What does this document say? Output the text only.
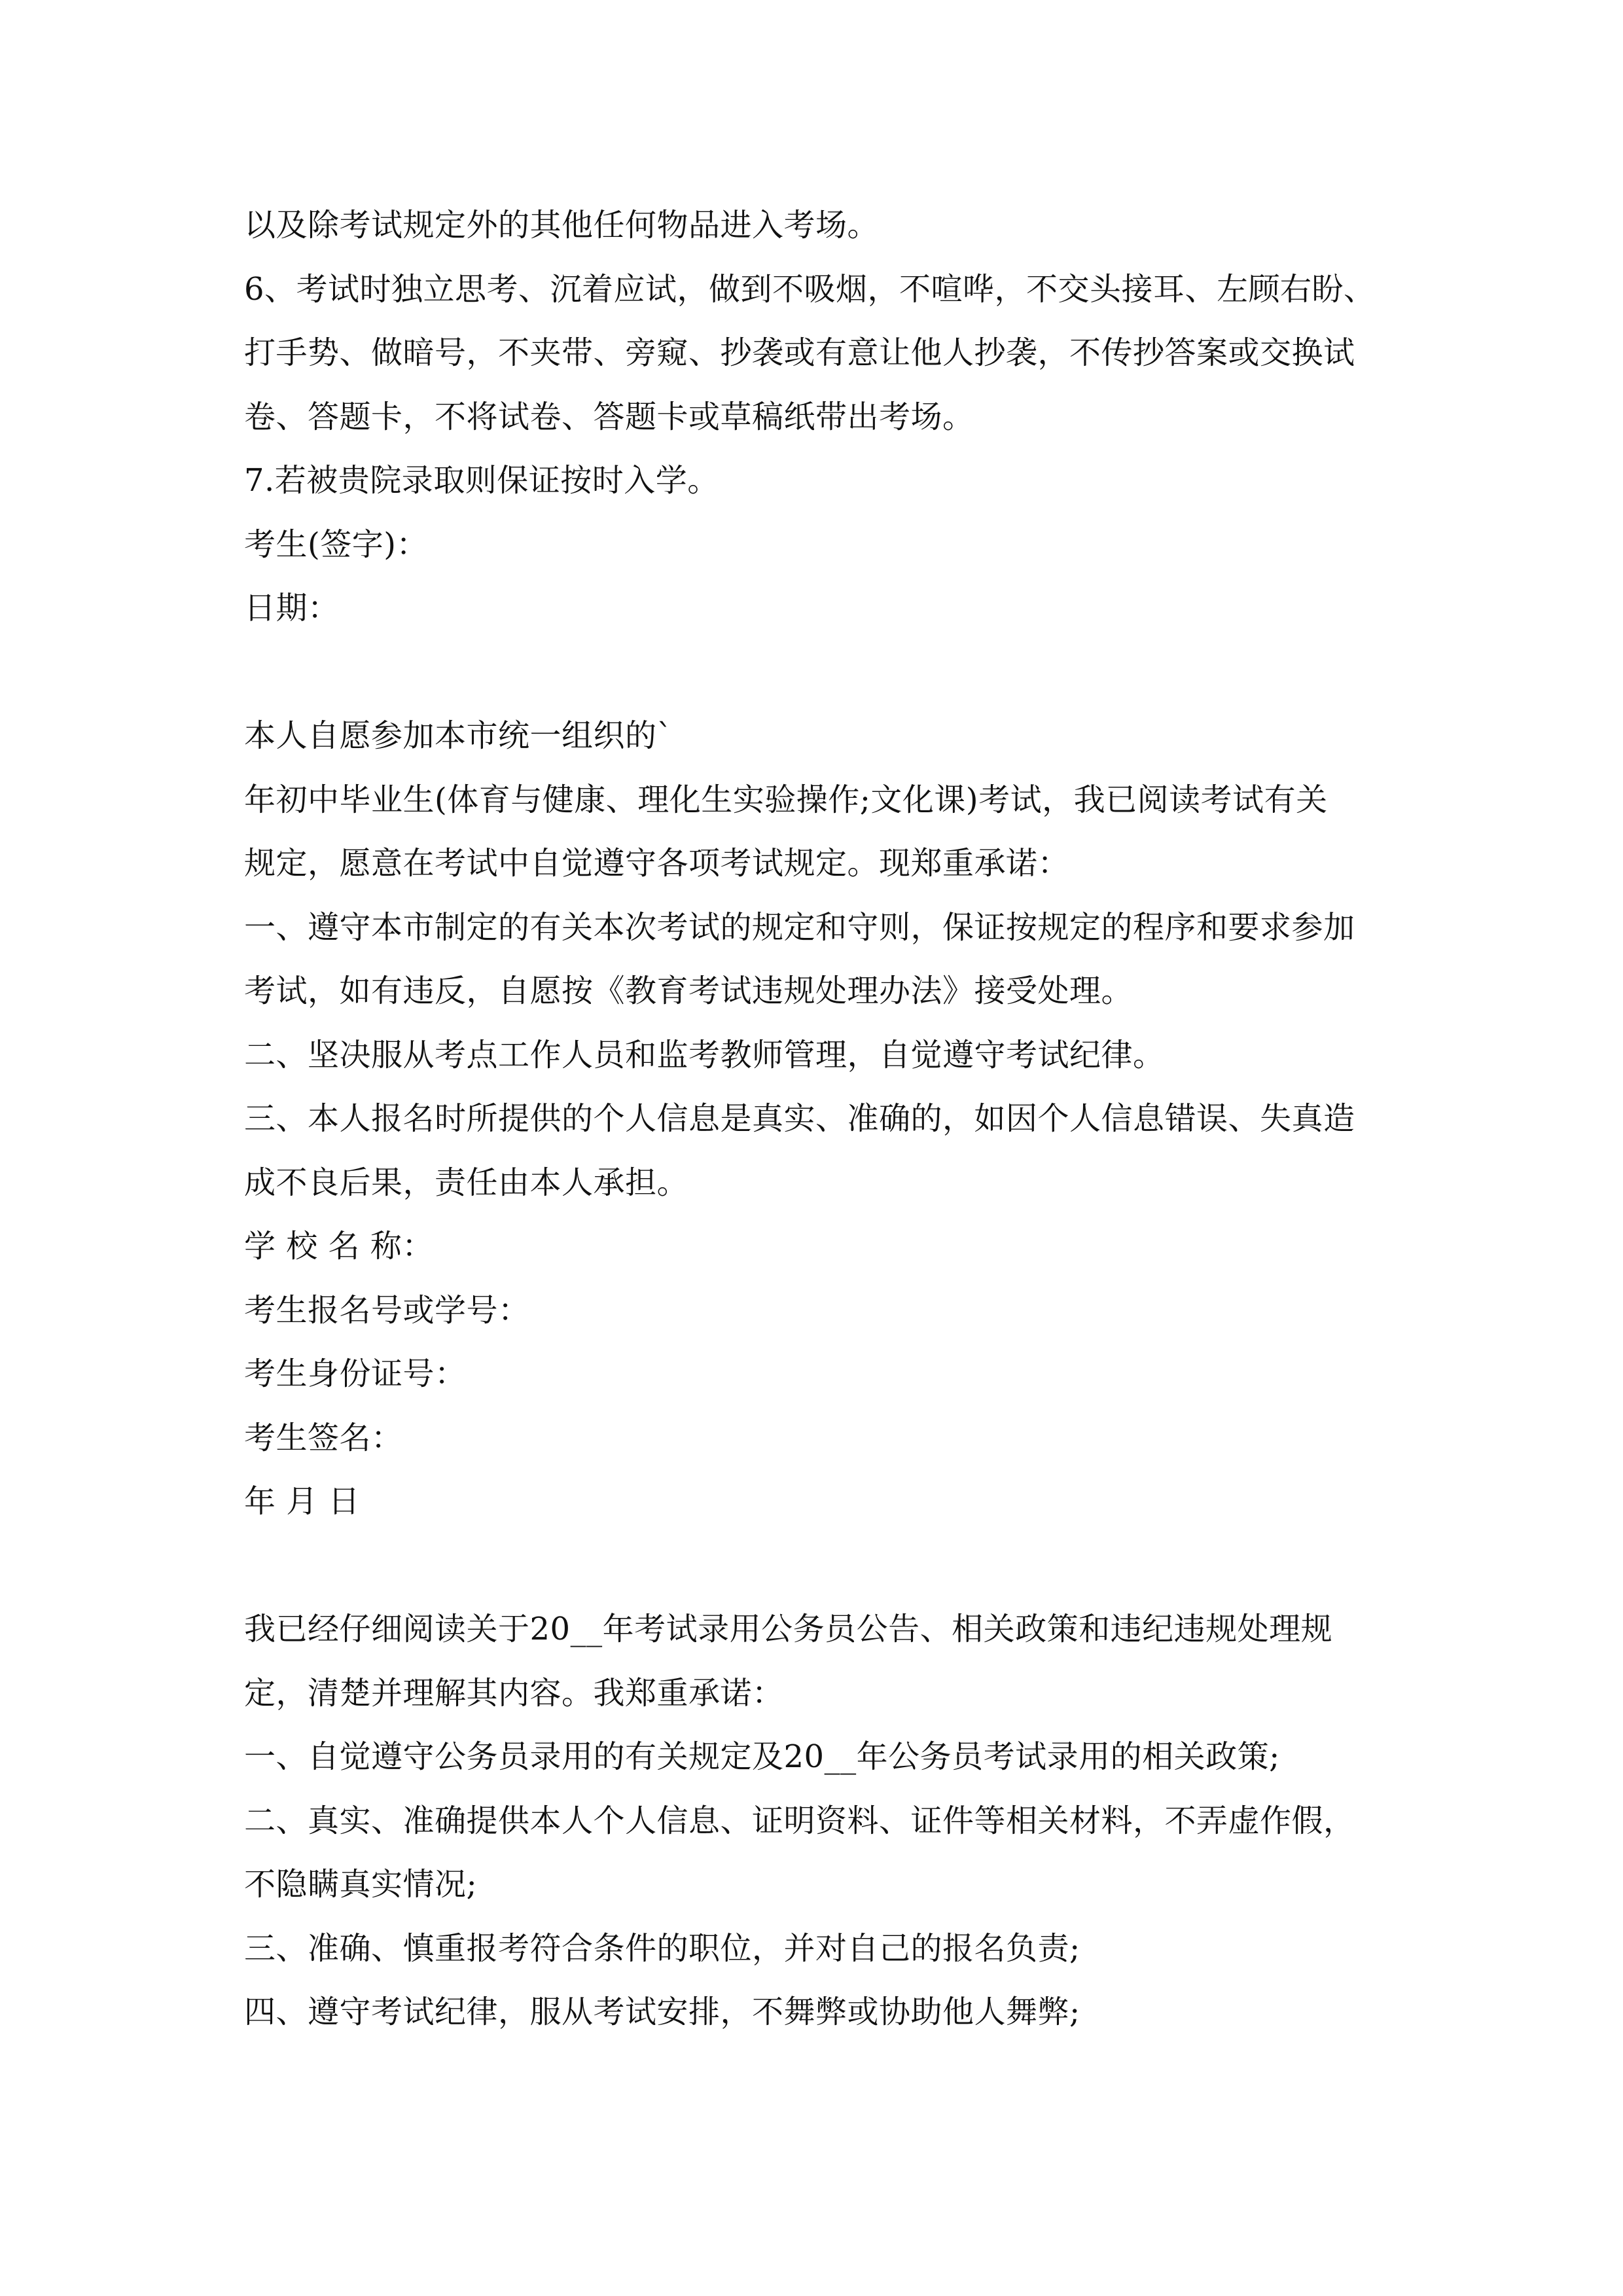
以及除考试规定外的其他任何物品进入考场。
6、考试时独立思考、沉着应试，做到不吸烟，不喧哗，不交头接耳、左顾右盼、
打手势、做暗号，不夹带、旁窥、抄袭或有意让他人抄袭，不传抄答案或交换试
卷、答题卡，不将试卷、答题卡或草稿纸带出考场。
7.若被贵院录取则保证按时入学。
考生(签字)：
日期：
本人自愿参加本市统一组织的`
年初中毕业生(体育与健康、理化生实验操作;文化课)考试，我已阅读考试有关
规定，愿意在考试中自觉遵守各项考试规定。现郑重承诺：
一、遵守本市制定的有关本次考试的规定和守则，保证按规定的程序和要求参加
考试，如有违反，自愿按《教育考试违规处理办法》接受处理。
二、坚决服从考点工作人员和监考教师管理，自觉遵守考试纪律。
三、本人报名时所提供的个人信息是真实、准确的，如因个人信息错误、失真造
成不良后果，责任由本人承担。
学 校 名 称：
考生报名号或学号：
考生身份证号：
考生签名：
年 月 日
我已经仔细阅读关于20__年考试录用公务员公告、相关政策和违纪违规处理规
定，清楚并理解其内容。我郑重承诺：
一、自觉遵守公务员录用的有关规定及20__年公务员考试录用的相关政策;
二、真实、准确提供本人个人信息、证明资料、证件等相关材料，不弄虚作假，
不隐瞒真实情况;
三、准确、慎重报考符合条件的职位，并对自己的报名负责;
四、遵守考试纪律，服从考试安排，不舞弊或协助他人舞弊;
